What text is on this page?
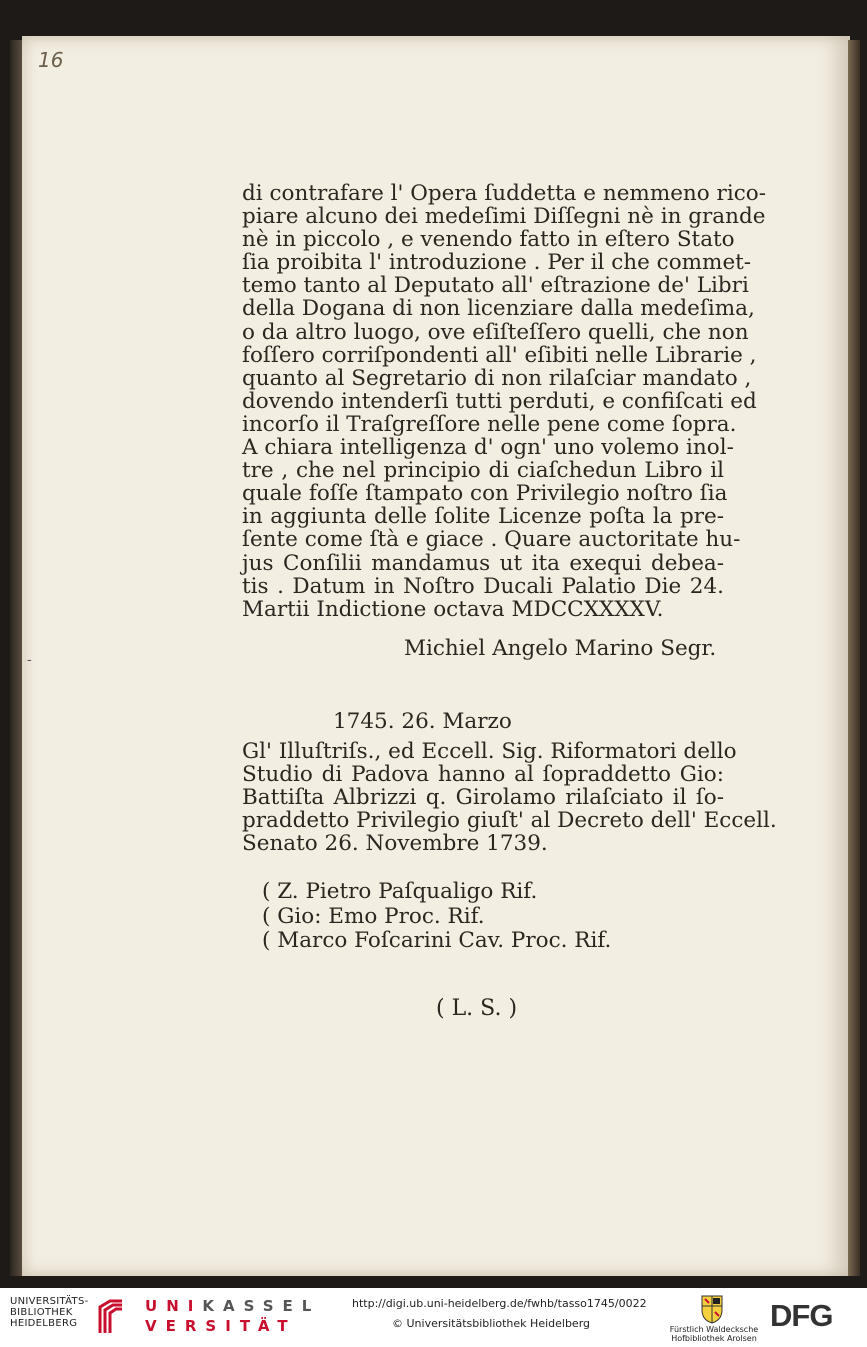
16
-
di contrafare l' Opera ſuddetta e nemmeno rico-
piare alcuno dei medeſimi Diſſegni nè in grande
nè in piccolo , e venendo fatto in eſtero Stato
ſia proibita l' introduzione . Per il che commet-
temo tanto al Deputato all' eſtrazione de' Libri
della Dogana di non licenziare dalla medeſima,
o da altro luogo, ove eſiſteſſero quelli, che non
foſſero corriſpondenti all' eſibiti nelle Librarie ,
quanto al Segretario di non rilaſciar mandato ,
dovendo intenderſi tutti perduti, e confiſcati ed
incorſo il Traſgreſſore nelle pene come ſopra.
A chiara intelligenza d' ogn' uno volemo inol-
tre , che nel principio di ciaſchedun Libro il
quale foſſe ſtampato con Privilegio noſtro ſia
in aggiunta delle ſolite Licenze poſta la pre-
ſente come ſtà e giace . Quare auctoritate hu-
jus Conſilii mandamus ut ita exequi debea-
tis . Datum in Noſtro Ducali Palatio Die 24.
Martii Indictione octava MDCCXXXXV.
Michiel Angelo Marino Segr.
1745. 26. Marzo
Gl' Illuſtriſs., ed Eccell. Sig. Riformatori dello
Studio di Padova hanno al ſopraddetto Gio:
Battiſta Albrizzi q. Girolamo rilaſciato il ſo-
praddetto Privilegio giuſt' al Decreto dell' Eccell.
Senato 26. Novembre 1739.
( Z. Pietro Paſqualigo Rif.
( Gio: Emo Proc. Rif.
( Marco Foſcarini Cav. Proc. Rif.
( L. S. )
UNIVERSITÄTS-
BIBLIOTHEK
HEIDELBERG
UNIKASSEL
VERSITÄT
http://digi.ub.uni-heidelberg.de/fwhb/tasso1745/0022
© Universitätsbibliothek Heidelberg	Fürstlich Waldecksche
Hofbibliothek Arolsen
DFG
